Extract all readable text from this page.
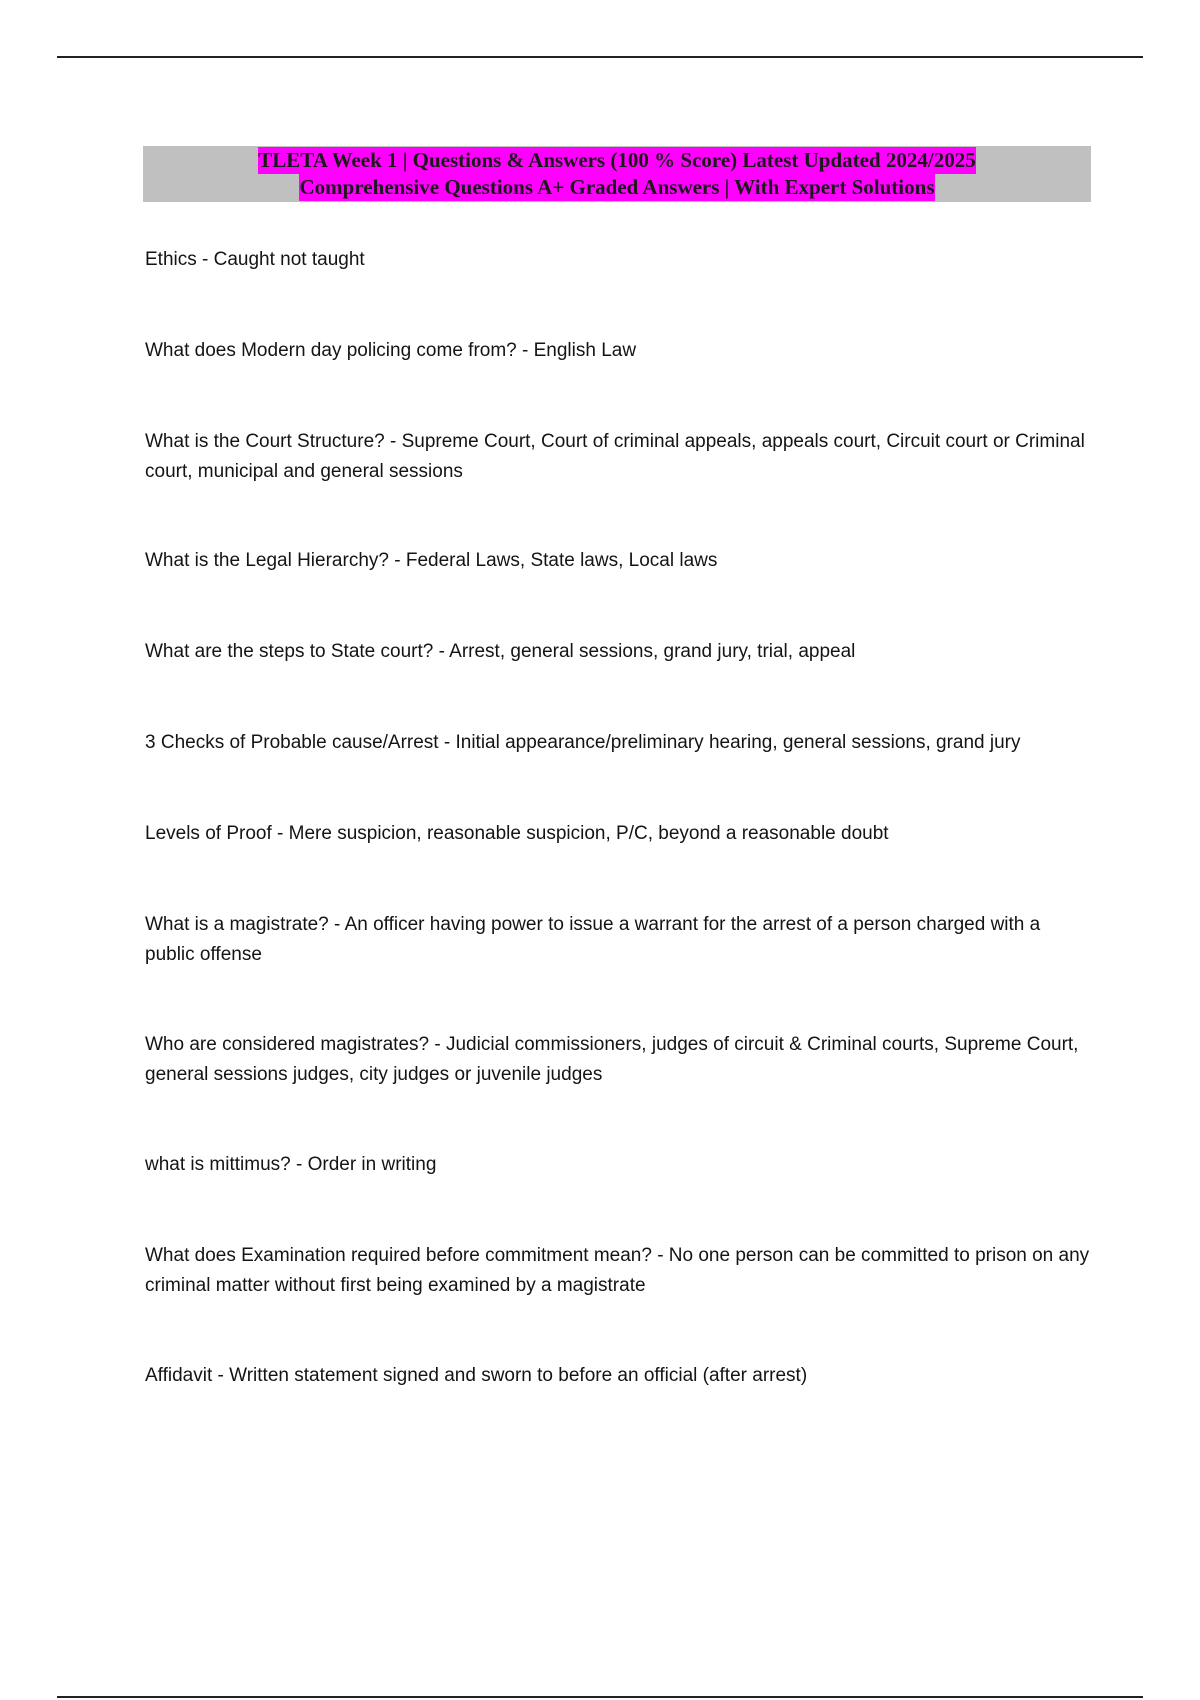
TLETA Week 1 | Questions & Answers (100 % Score) Latest Updated 2024/2025
Comprehensive Questions A+ Graded Answers | With Expert Solutions
Ethics - Caught not taught
What does Modern day policing come from? - English Law
What is the Court Structure? - Supreme Court, Court of criminal appeals, appeals court, Circuit court or Criminal court, municipal and general sessions
What is the Legal Hierarchy? - Federal Laws, State laws, Local laws
What are the steps to State court? - Arrest, general sessions, grand jury, trial, appeal
3 Checks of Probable cause/Arrest - Initial appearance/preliminary hearing, general sessions, grand jury
Levels of Proof - Mere suspicion, reasonable suspicion, P/C, beyond a reasonable doubt
What is a magistrate? - An officer having power to issue a warrant for the arrest of a person charged with a public offense
Who are considered magistrates? - Judicial commissioners, judges of circuit & Criminal courts, Supreme Court, general sessions judges, city judges or juvenile judges
what is mittimus? - Order in writing
What does Examination required before commitment mean? - No one person can be committed to prison on any criminal matter without first being examined by a magistrate
Affidavit - Written statement signed and sworn to before an official (after arrest)
